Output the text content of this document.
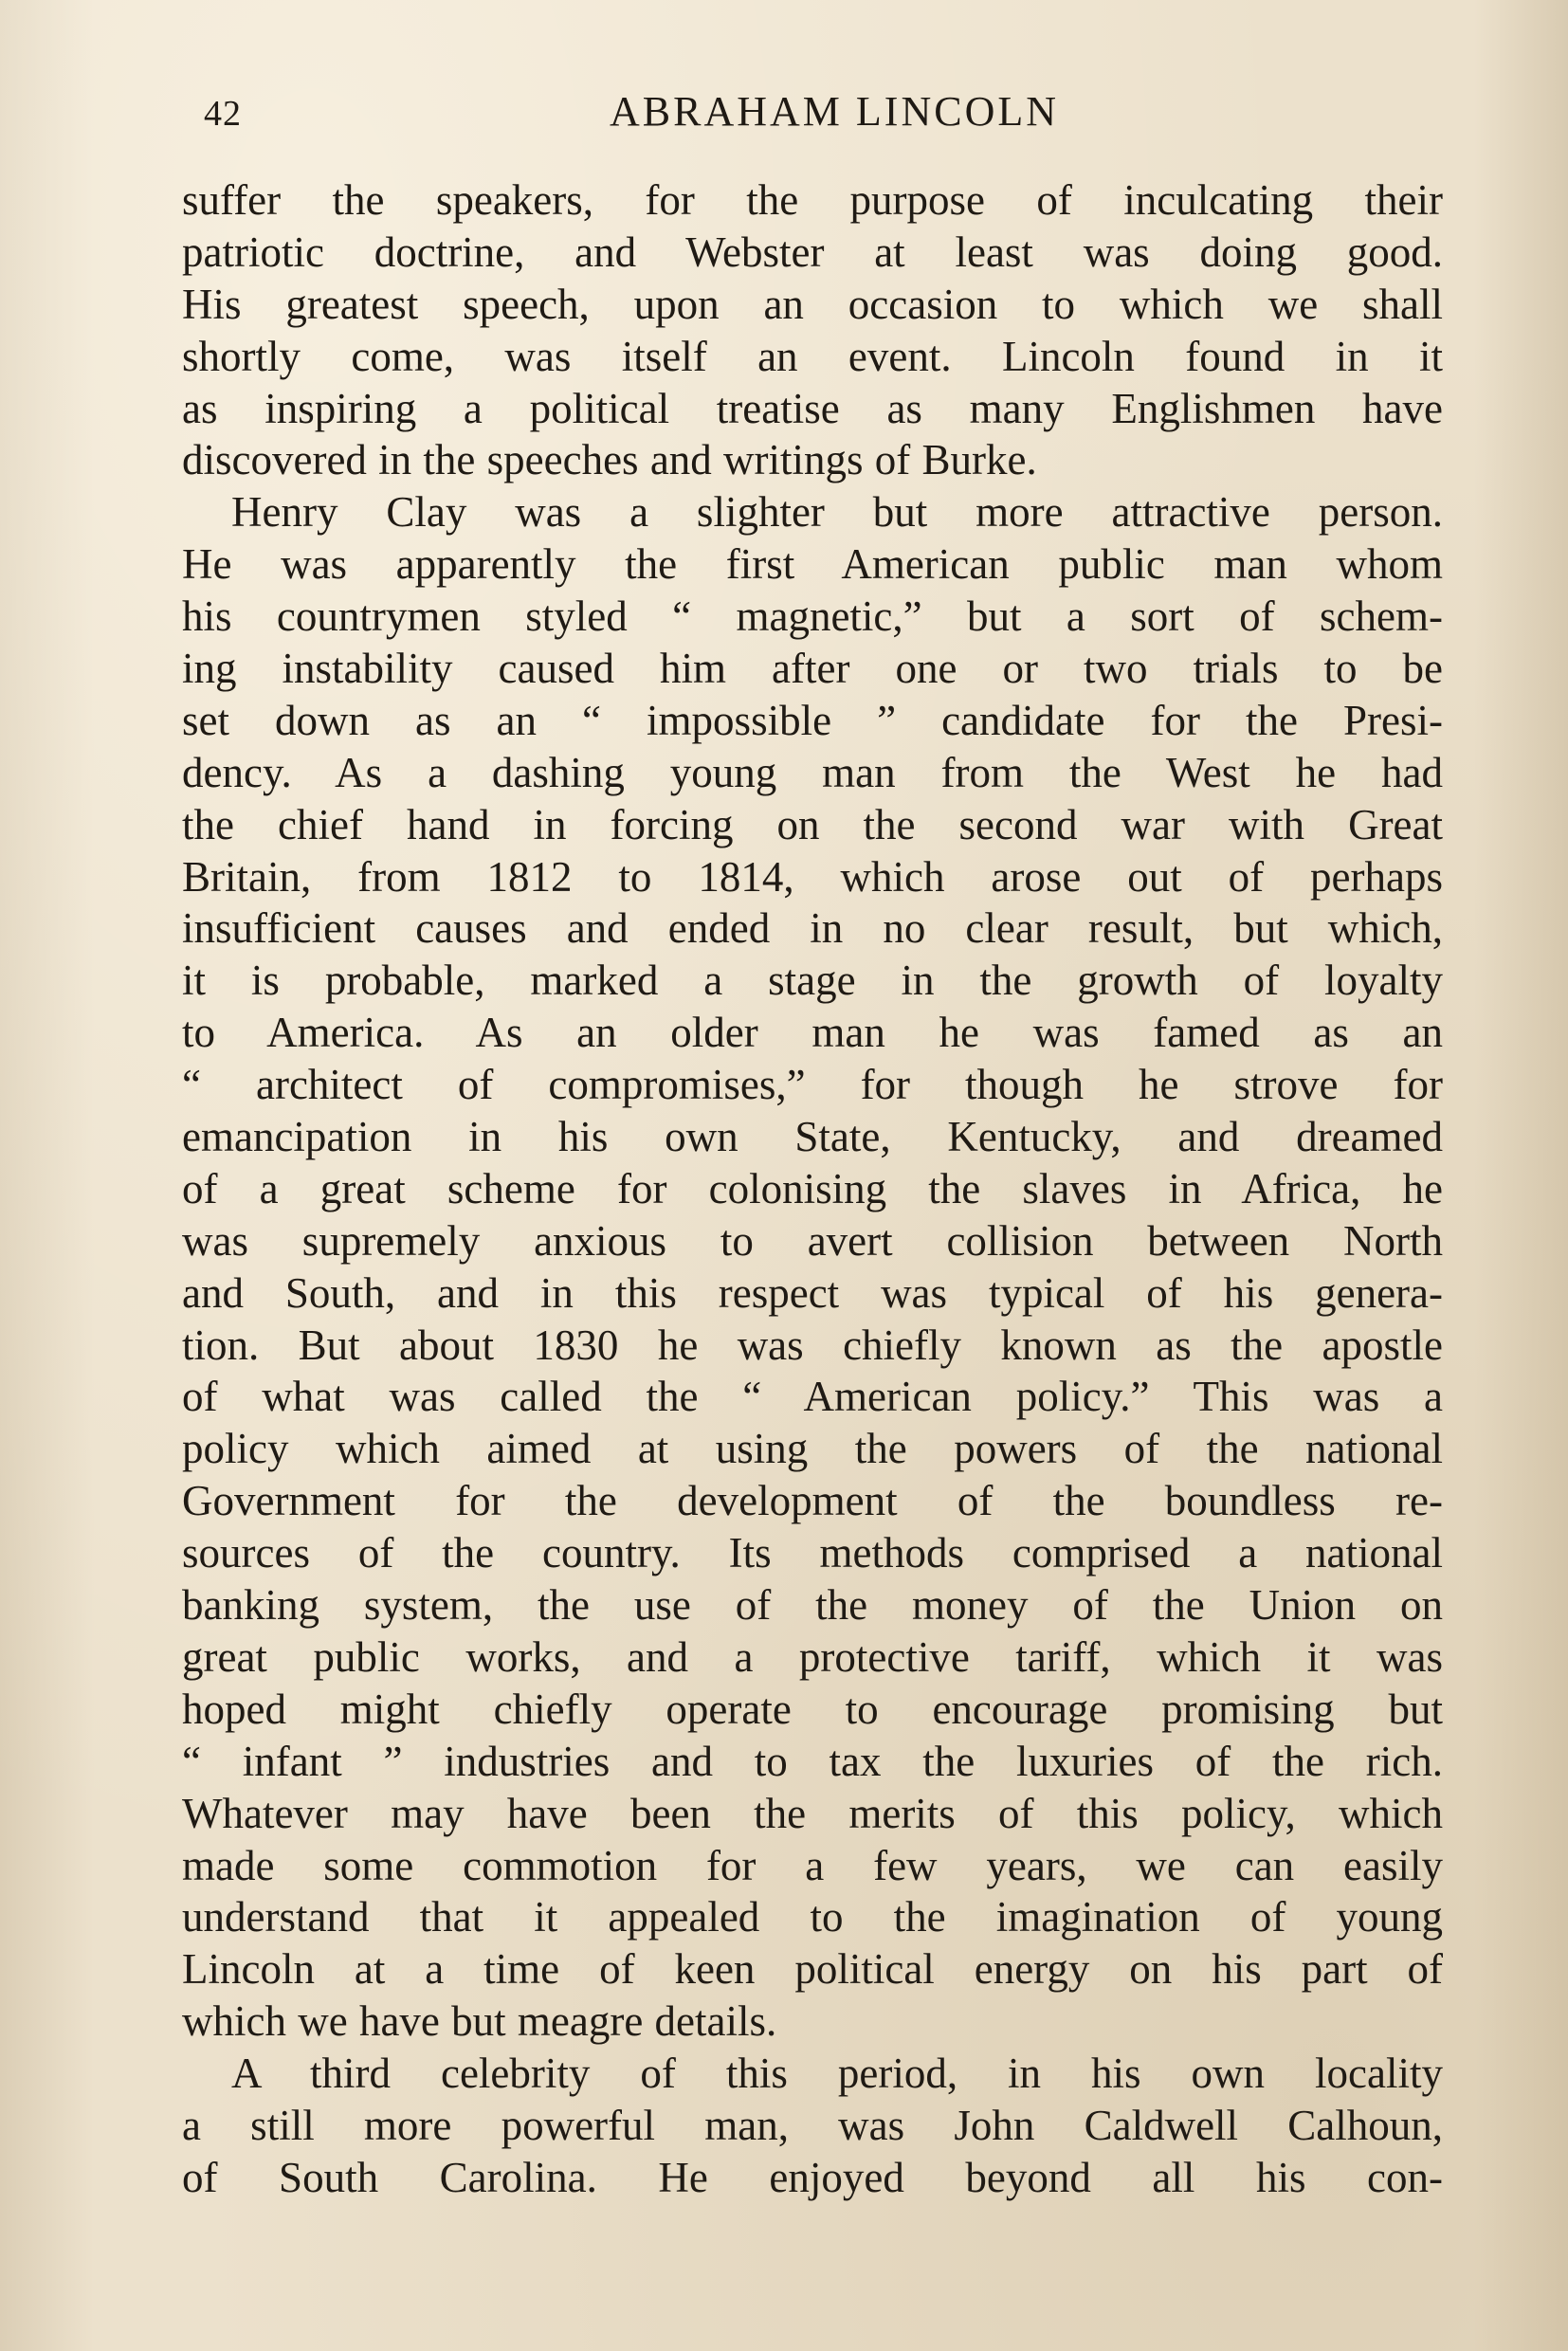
42	ABRAHAM LINCOLN
suffer the speakers, for the purpose of inculcating their
patriotic doctrine, and Webster at least was doing good.
His greatest speech, upon an occasion to which we shall
shortly come, was itself an event. Lincoln found in it
as inspiring a political treatise as many Englishmen have
discovered in the speeches and writings of Burke.
Henry Clay was a slighter but more attractive person.
He was apparently the first American public man whom
his countrymen styled “ magnetic,” but a sort of schem-
ing instability caused him after one or two trials to be
set down as an “ impossible ” candidate for the Presi-
dency. As a dashing young man from the West he had
the chief hand in forcing on the second war with Great
Britain, from 1812 to 1814, which arose out of perhaps
insufficient causes and ended in no clear result, but which,
it is probable, marked a stage in the growth of loyalty
to America. As an older man he was famed as an
“ architect of compromises,” for though he strove for
emancipation in his own State, Kentucky, and dreamed
of a great scheme for colonising the slaves in Africa, he
was supremely anxious to avert collision between North
and South, and in this respect was typical of his genera-
tion. But about 1830 he was chiefly known as the apostle
of what was called the “ American policy.” This was a
policy which aimed at using the powers of the national
Government for the development of the boundless re-
sources of the country. Its methods comprised a national
banking system, the use of the money of the Union on
great public works, and a protective tariff, which it was
hoped might chiefly operate to encourage promising but
“ infant ” industries and to tax the luxuries of the rich.
Whatever may have been the merits of this policy, which
made some commotion for a few years, we can easily
understand that it appealed to the imagination of young
Lincoln at a time of keen political energy on his part of
which we have but meagre details.
A third celebrity of this period, in his own locality
a still more powerful man, was John Caldwell Calhoun,
of South Carolina. He enjoyed beyond all his con-
